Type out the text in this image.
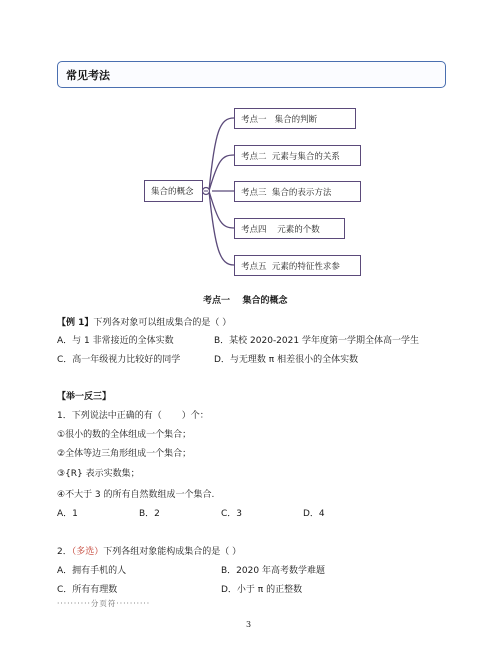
常见考法
集合的概念
考点一   集合的判断
考点二  元素与集合的关系
考点三  集合的表示方法
考点四    元素的个数
考点五  元素的特征性求参
考点一    集合的概念
【例 1】下列各对象可以组成集合的是（ ）
A．与 1 非常接近的全体实数	B．某校 2020-2021 学年度第一学期全体高一学生
C．高一年级视力比较好的同学	D．与无理数 π 相差很小的全体实数
【举一反三】
1．下列说法中正确的有（ ）个：
①很小的数的全体组成一个集合；
②全体等边三角形组成一个集合；
③{R} 表示实数集；
④不大于 3 的所有自然数组成一个集合.
A．1	B．2	C．3	D．4
2．（多选）下列各组对象能构成集合的是（ ）
A．拥有手机的人	B．2020 年高考数学难题
C．所有有理数	D．小于 π 的正整数
··········分页符··········
3
